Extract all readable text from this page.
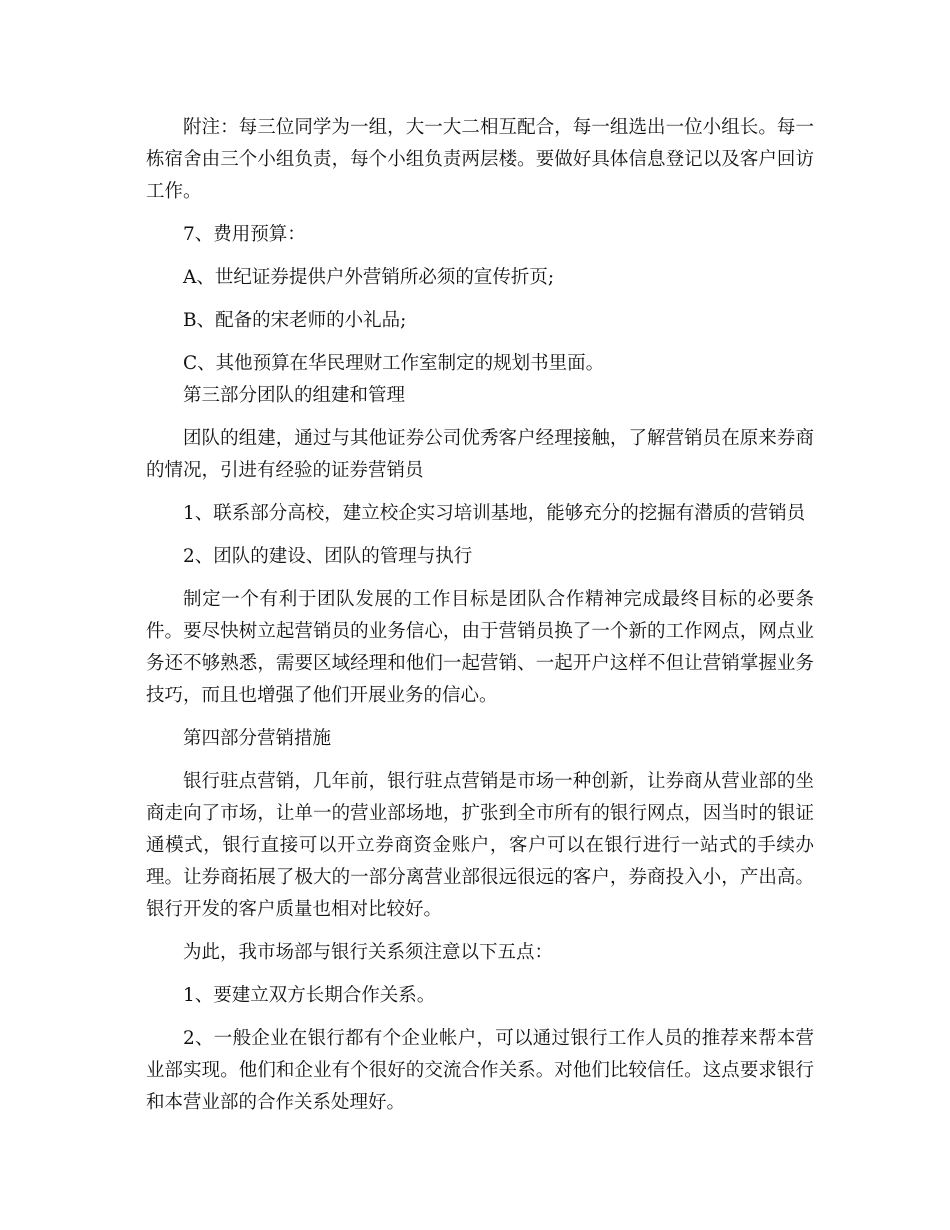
附注：每三位同学为一组，大一大二相互配合，每一组选出一位小组长。每一栋宿舍由三个小组负责，每个小组负责两层楼。要做好具体信息登记以及客户回访工作。

7、费用预算：

A、世纪证券提供户外营销所必须的宣传折页;

B、配备的宋老师的小礼品;

C、其他预算在华民理财工作室制定的规划书里面。

第三部分团队的组建和管理

团队的组建，通过与其他证券公司优秀客户经理接触，了解营销员在原来券商的情况，引进有经验的证券营销员

1、联系部分高校，建立校企实习培训基地，能够充分的挖掘有潜质的营销员

2、团队的建设、团队的管理与执行

制定一个有利于团队发展的工作目标是团队合作精神完成最终目标的必要条件。要尽快树立起营销员的业务信心，由于营销员换了一个新的工作网点，网点业务还不够熟悉，需要区域经理和他们一起营销、一起开户这样不但让营销掌握业务技巧，而且也增强了他们开展业务的信心。

第四部分营销措施

银行驻点营销，几年前，银行驻点营销是市场一种创新，让券商从营业部的坐商走向了市场，让单一的营业部场地，扩张到全市所有的银行网点，因当时的银证通模式，银行直接可以开立券商资金账户，客户可以在银行进行一站式的手续办理。让券商拓展了极大的一部分离营业部很远很远的客户，券商投入小，产出高。银行开发的客户质量也相对比较好。

为此，我市场部与银行关系须注意以下五点：

1、要建立双方长期合作关系。

2、一般企业在银行都有个企业帐户，可以通过银行工作人员的推荐来帮本营业部实现。他们和企业有个很好的交流合作关系。对他们比较信任。这点要求银行和本营业部的合作关系处理好。
